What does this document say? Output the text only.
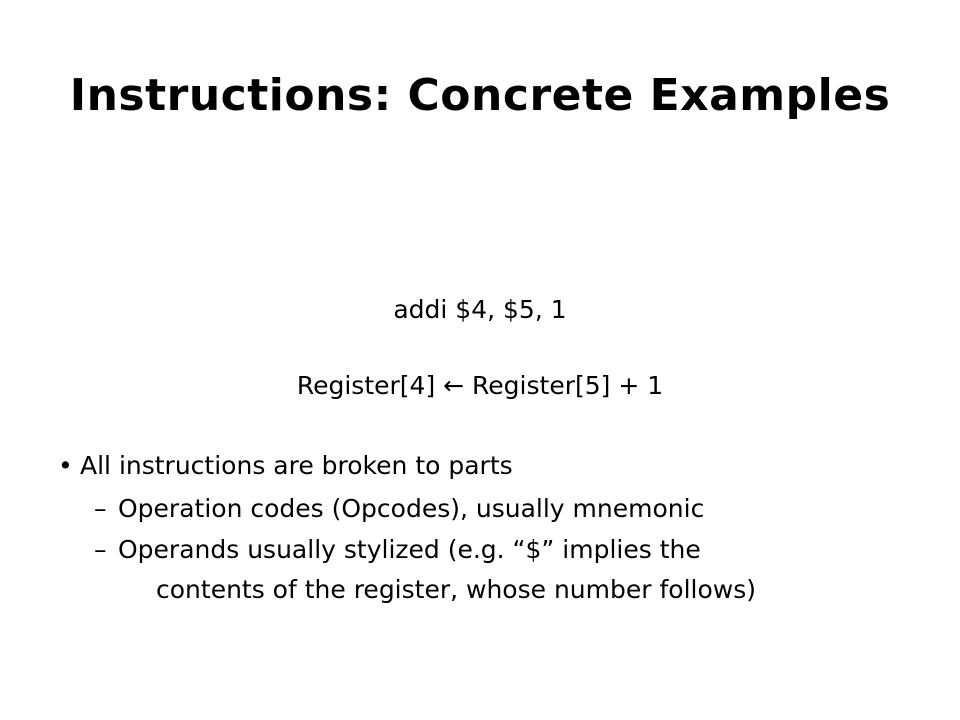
Instructions: Concrete Examples
addi $4, $5, 1
Register[4] ← Register[5] + 1
• All instructions are broken to parts
– Operation codes (Opcodes), usually mnemonic
– Operands usually stylized (e.g. “$” implies the
contents of the register, whose number follows)
